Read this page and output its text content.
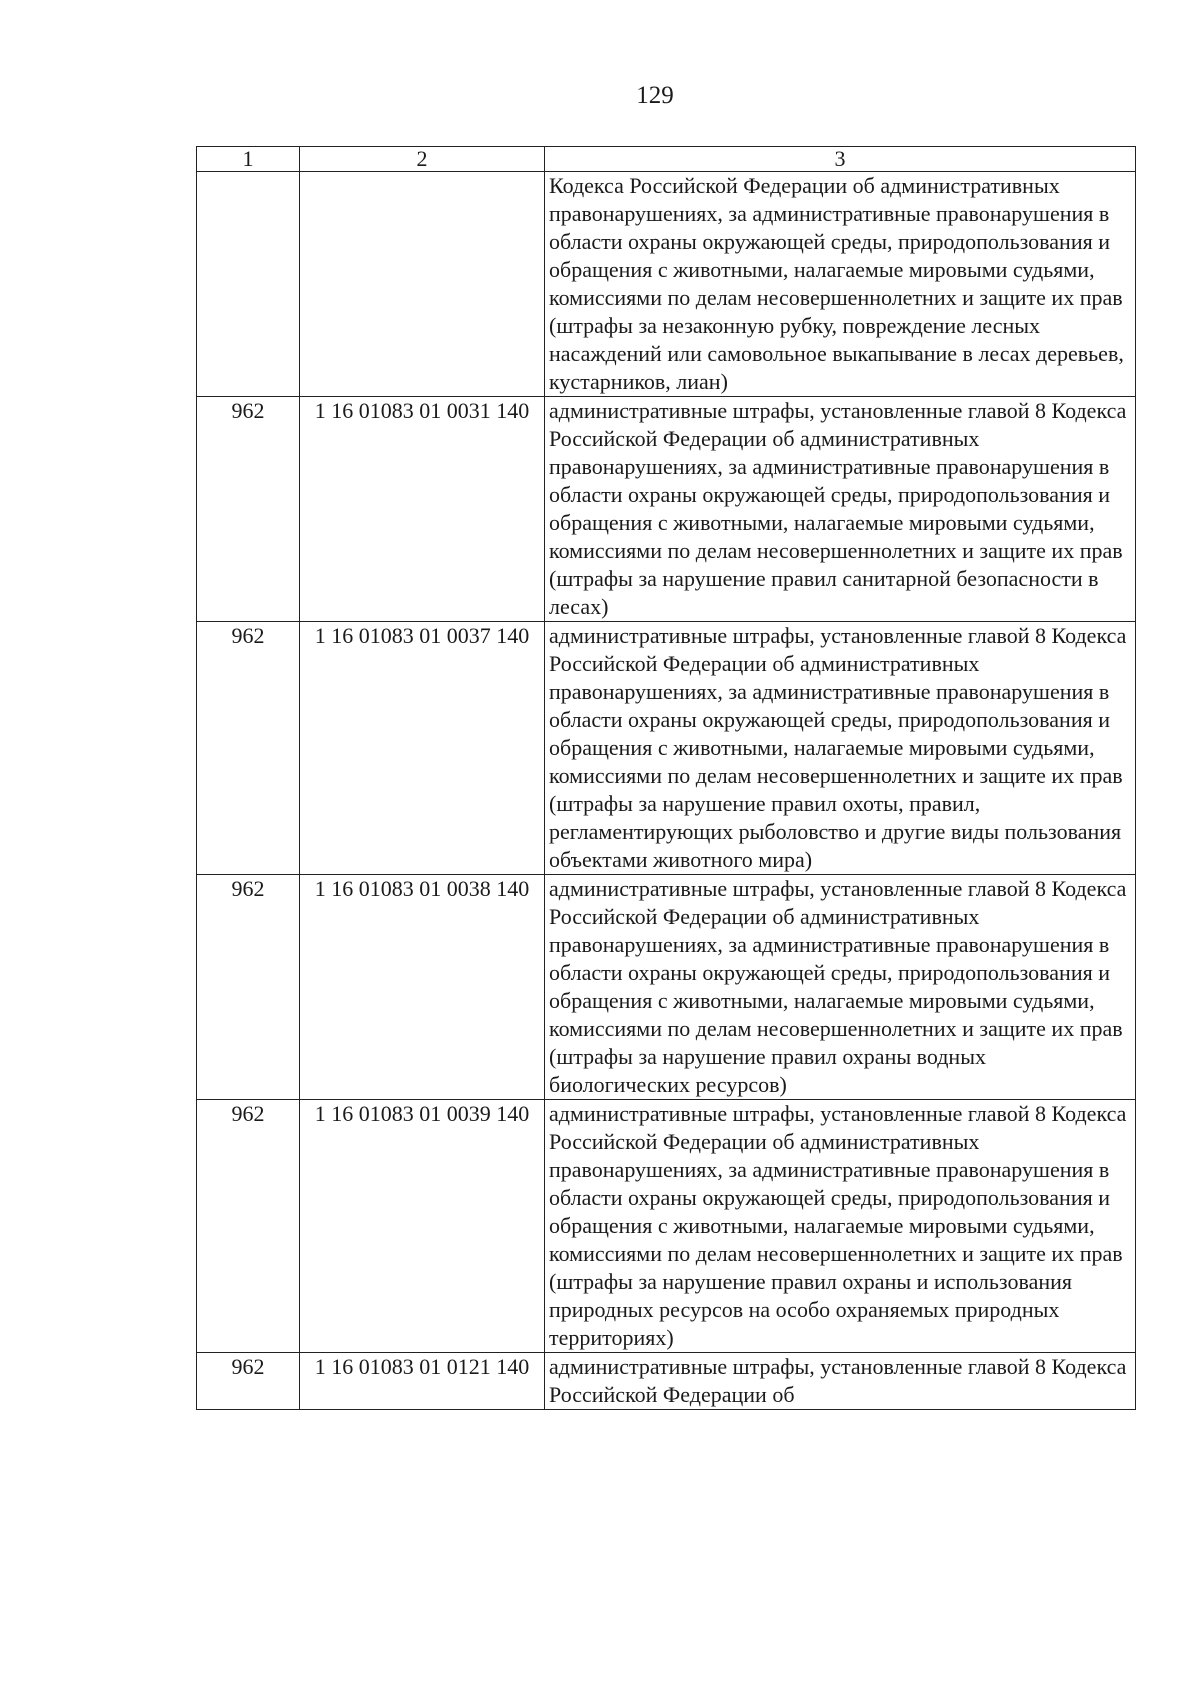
129
1	2	3
		Кодекса Российской Федерации об административных правонарушениях, за административные правонарушения в области охраны окружающей среды, природопользования и обращения с животными, налагаемые мировыми судьями, комиссиями по делам несовершеннолетних и защите их прав (штрафы за незаконную рубку, повреждение лесных насаждений или самовольное выкапывание в лесах деревьев, кустарников, лиан)
962	1 16 01083 01 0031 140	административные штрафы, установленные главой 8 Кодекса Российской Федерации об административных правонарушениях, за административные правонарушения в области охраны окружающей среды, природопользования и обращения с животными, налагаемые мировыми судьями, комиссиями по делам несовершеннолетних и защите их прав (штрафы за нарушение правил санитарной безопасности в лесах)
962	1 16 01083 01 0037 140	административные штрафы, установленные главой 8 Кодекса Российской Федерации об административных правонарушениях, за административные правонарушения в области охраны окружающей среды, природопользования и обращения с животными, налагаемые мировыми судьями, комиссиями по делам несовершеннолетних и защите их прав (штрафы за нарушение правил охоты, правил, регламентирующих рыболовство и другие виды пользования объектами животного мира)
962	1 16 01083 01 0038 140	административные штрафы, установленные главой 8 Кодекса Российской Федерации об административных правонарушениях, за административные правонарушения в области охраны окружающей среды, природопользования и обращения с животными, налагаемые мировыми судьями, комиссиями по делам несовершеннолетних и защите их прав (штрафы за нарушение правил охраны водных биологических ресурсов)
962	1 16 01083 01 0039 140	административные штрафы, установленные главой 8 Кодекса Российской Федерации об административных правонарушениях, за административные правонарушения в области охраны окружающей среды, природопользования и обращения с животными, налагаемые мировыми судьями, комиссиями по делам несовершеннолетних и защите их прав (штрафы за нарушение правил охраны и использования природных ресурсов на особо охраняемых природных территориях)
962	1 16 01083 01 0121 140	административные штрафы, установленные главой 8 Кодекса Российской Федерации об
